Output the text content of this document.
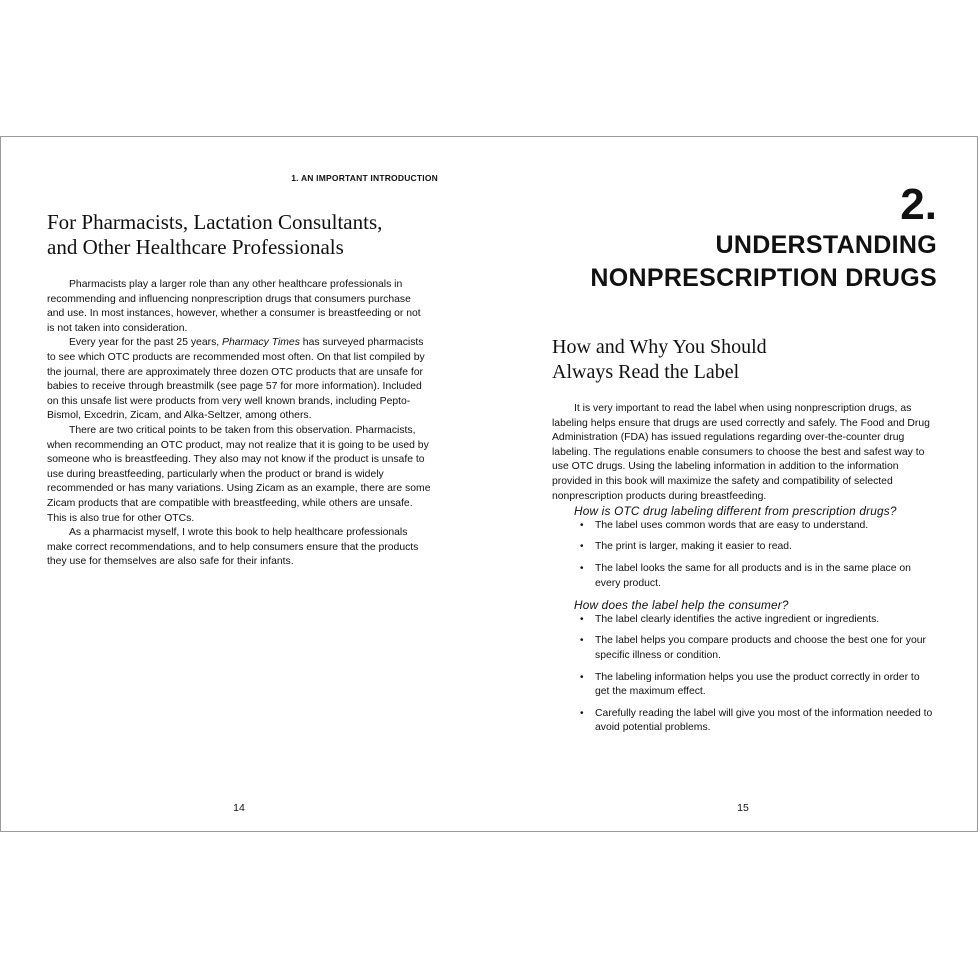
1. AN IMPORTANT INTRODUCTION
For Pharmacists, Lactation Consultants,
and Other Healthcare Professionals

Pharmacists play a larger role than any other healthcare professionals in recommending and influencing nonprescription drugs that consumers purchase and use. In most instances, however, whether a consumer is breastfeeding or not is not taken into consideration.

Every year for the past 25 years, Pharmacy Times has surveyed pharmacists to see which OTC products are recommended most often. On that list compiled by the journal, there are approximately three dozen OTC products that are unsafe for babies to receive through breastmilk (see page 57 for more information). Included on this unsafe list were products from very well known brands, including Pepto-Bismol, Excedrin, Zicam, and Alka-Seltzer, among others.

There are two critical points to be taken from this observation. Pharmacists, when recommending an OTC product, may not realize that it is going to be used by someone who is breastfeeding. They also may not know if the product is unsafe to use during breastfeeding, particularly when the product or brand is widely recommended or has many variations. Using Zicam as an example, there are some Zicam products that are compatible with breastfeeding, while others are unsafe. This is also true for other OTCs.

As a pharmacist myself, I wrote this book to help healthcare professionals make correct recommendations, and to help consumers ensure that the products they use for themselves are also safe for their infants.

14
2.
UNDERSTANDING
NONPRESCRIPTION DRUGS
How and Why You Should
Always Read the Label

It is very important to read the label when using nonprescription drugs, as labeling helps ensure that drugs are used correctly and safely. The Food and Drug Administration (FDA) has issued regulations regarding over-the-counter drug labeling. The regulations enable consumers to choose the best and safest way to use OTC drugs. Using the labeling information in addition to the information provided in this book will maximize the safety and compatibility of selected nonprescription products during breastfeeding.

How is OTC drug labeling different from prescription drugs?

• The label uses common words that are easy to understand.
• The print is larger, making it easier to read.
• The label looks the same for all products and is in the same place on every product.

How does the label help the consumer?

• The label clearly identifies the active ingredient or ingredients.
• The label helps you compare products and choose the best one for your specific illness or condition.
• The labeling information helps you use the product correctly in order to get the maximum effect.
• Carefully reading the label will give you most of the information needed to avoid potential problems.
15
